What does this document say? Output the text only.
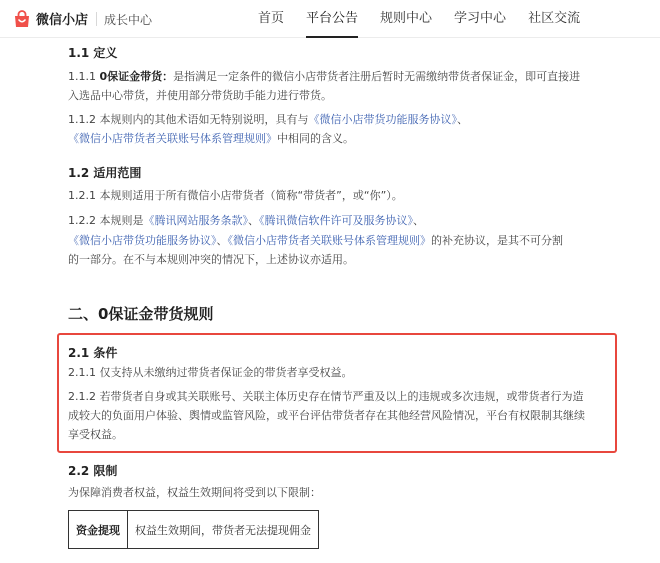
微信小店 成长中心	首页 平台公告 规则中心 学习中心 社区交流
1.1 定义
1.1.1 0保证金带货：是指满足一定条件的微信小店带货者注册后暂时无需缴纳带货者保证金，即可直接进
入选品中心带货，并使用部分带货助手能力进行带货。
1.1.2 本规则内的其他术语如无特别说明，具有与《微信小店带货功能服务协议》、
《微信小店带货者关联账号体系管理规则》中相同的含义。
1.2 适用范围
1.2.1 本规则适用于所有微信小店带货者（简称“带货者”，或“你”）。
1.2.2 本规则是《腾讯网站服务条款》、《腾讯微信软件许可及服务协议》、
《微信小店带货功能服务协议》、《微信小店带货者关联账号体系管理规则》的补充协议，是其不可分割
的一部分。在不与本规则冲突的情况下，上述协议亦适用。
二、0保证金带货规则
2.1 条件
2.1.1 仅支持从未缴纳过带货者保证金的带货者享受权益。
2.1.2 若带货者自身或其关联账号、关联主体历史存在情节严重及以上的违规或多次违规，或带货者行为造
成较大的负面用户体验、舆情或监管风险，或平台评估带货者存在其他经营风险情况，平台有权限制其继续
享受权益。
2.2 限制
为保障消费者权益，权益生效期间将受到以下限制：
资金提现	权益生效期间，带货者无法提现佣金
